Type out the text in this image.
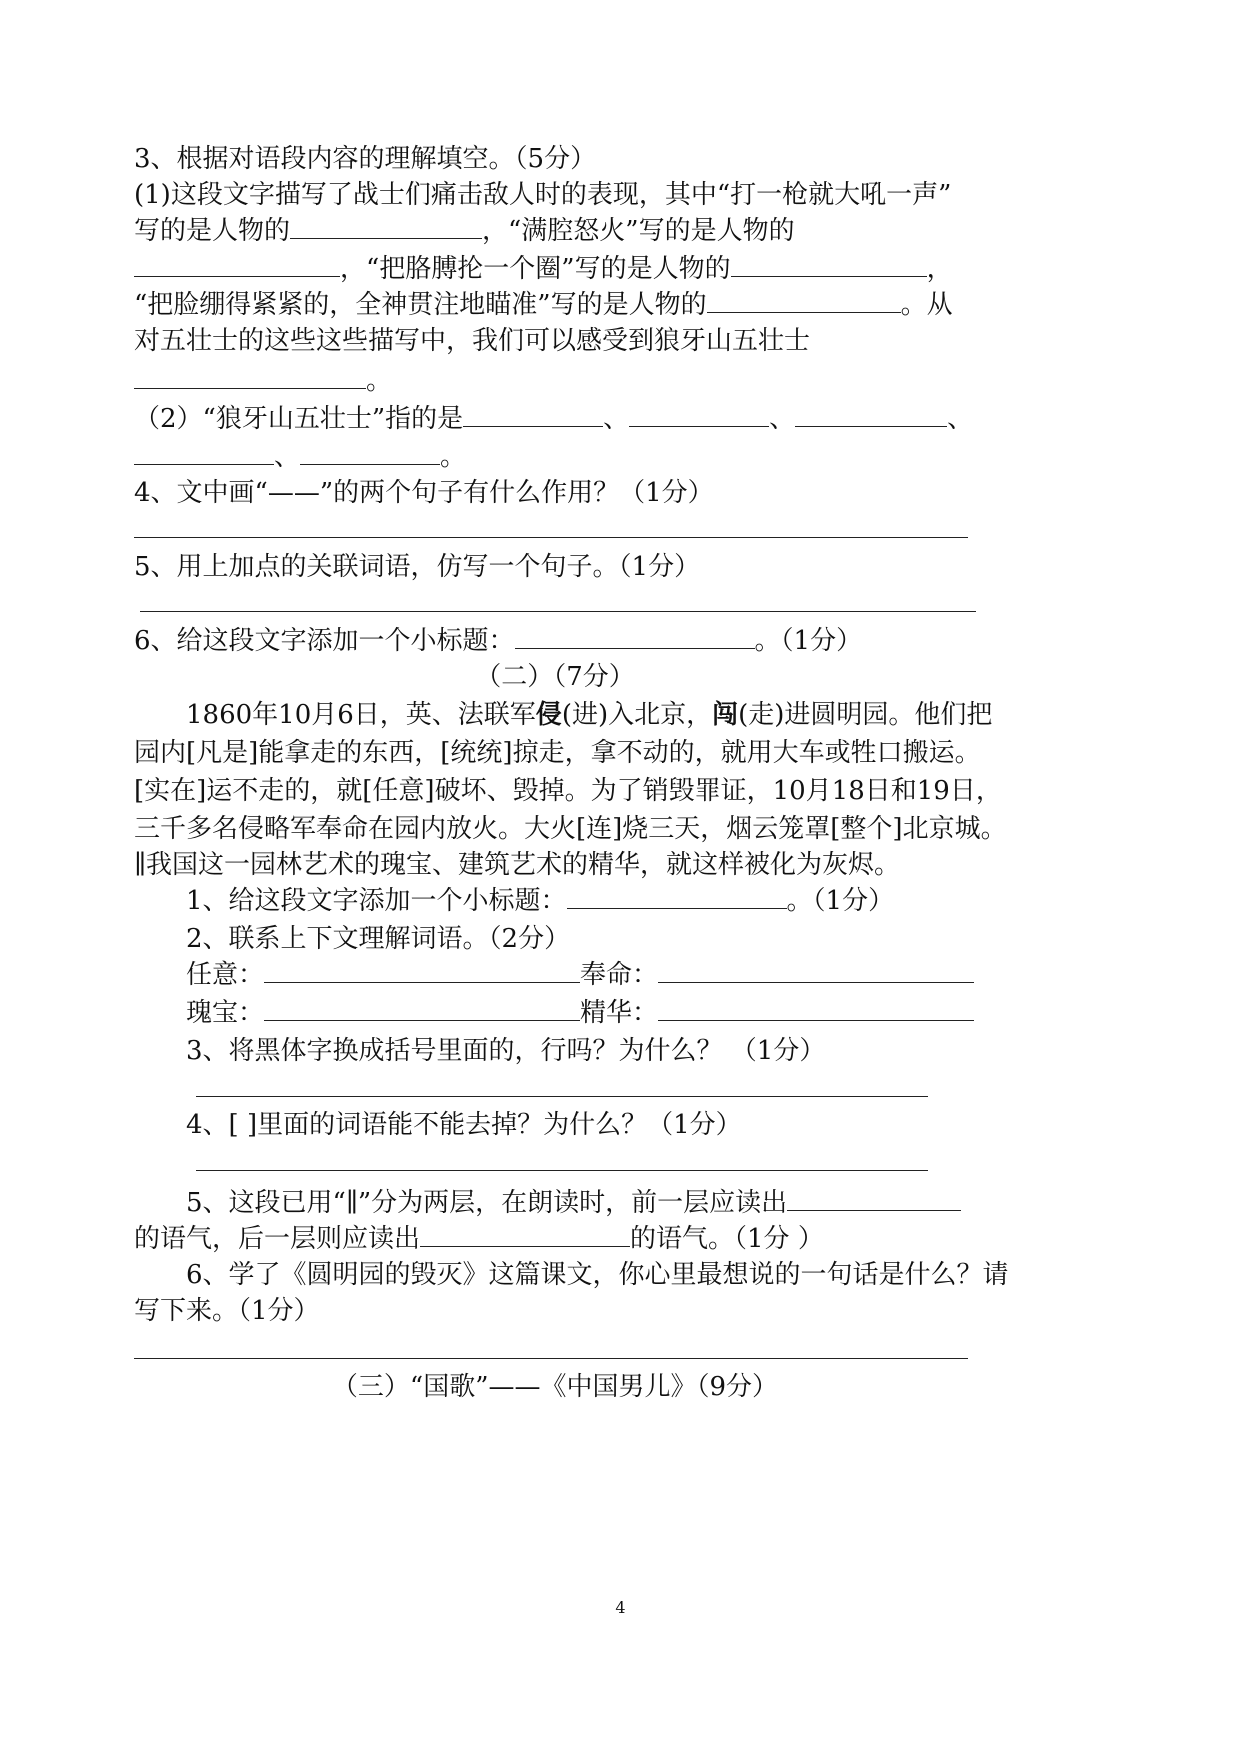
3、根据对语段内容的理解填空。（5分）
(1)这段文字描写了战士们痛击敌人时的表现，其中“打一枪就大吼一声”
写的是人物的	，“满腔怒火”写的是人物的
，“把胳膊抡一个圈”写的是人物的	，
“把脸绷得紧紧的，全神贯注地瞄准”写的是人物的	。从
对五壮士的这些这些描写中，我们可以感受到狼牙山五壮士
。
（2）“狼牙山五壮士”指的是	、	、	、
、	。
4、文中画“——”的两个句子有什么作用？（1分）
5、用上加点的关联词语，仿写一个句子。（1分）
6、给这段文字添加一个小标题：	。（1分）
（二）（7分）
1860年10月6日，英、法联军侵(进)入北京，闯(走)进圆明园。他们把
园内[凡是]能拿走的东西，[统统]掠走，拿不动的，就用大车或牲口搬运。
[实在]运不走的，就[任意]破坏、毁掉。为了销毁罪证，10月18日和19日，
三千多名侵略军奉命在园内放火。大火[连]烧三天，烟云笼罩[整个]北京城。
∥我国这一园林艺术的瑰宝、建筑艺术的精华，就这样被化为灰烬。
1、给这段文字添加一个小标题：	。（1分）
2、联系上下文理解词语。（2分）
任意：	奉命：
瑰宝：	精华：
3、将黑体字换成括号里面的，行吗？为什么？ （1分）
4、[ ]里面的词语能不能去掉？为什么？（1分）
5、这段已用“∥”分为两层，在朗读时，前一层应读出
的语气，后一层则应读出	的语气。（1分 ）
6、学了《圆明园的毁灭》这篇课文，你心里最想说的一句话是什么？请
写下来。（1分）
（三）“国歌”——《中国男儿》（9分）
4
